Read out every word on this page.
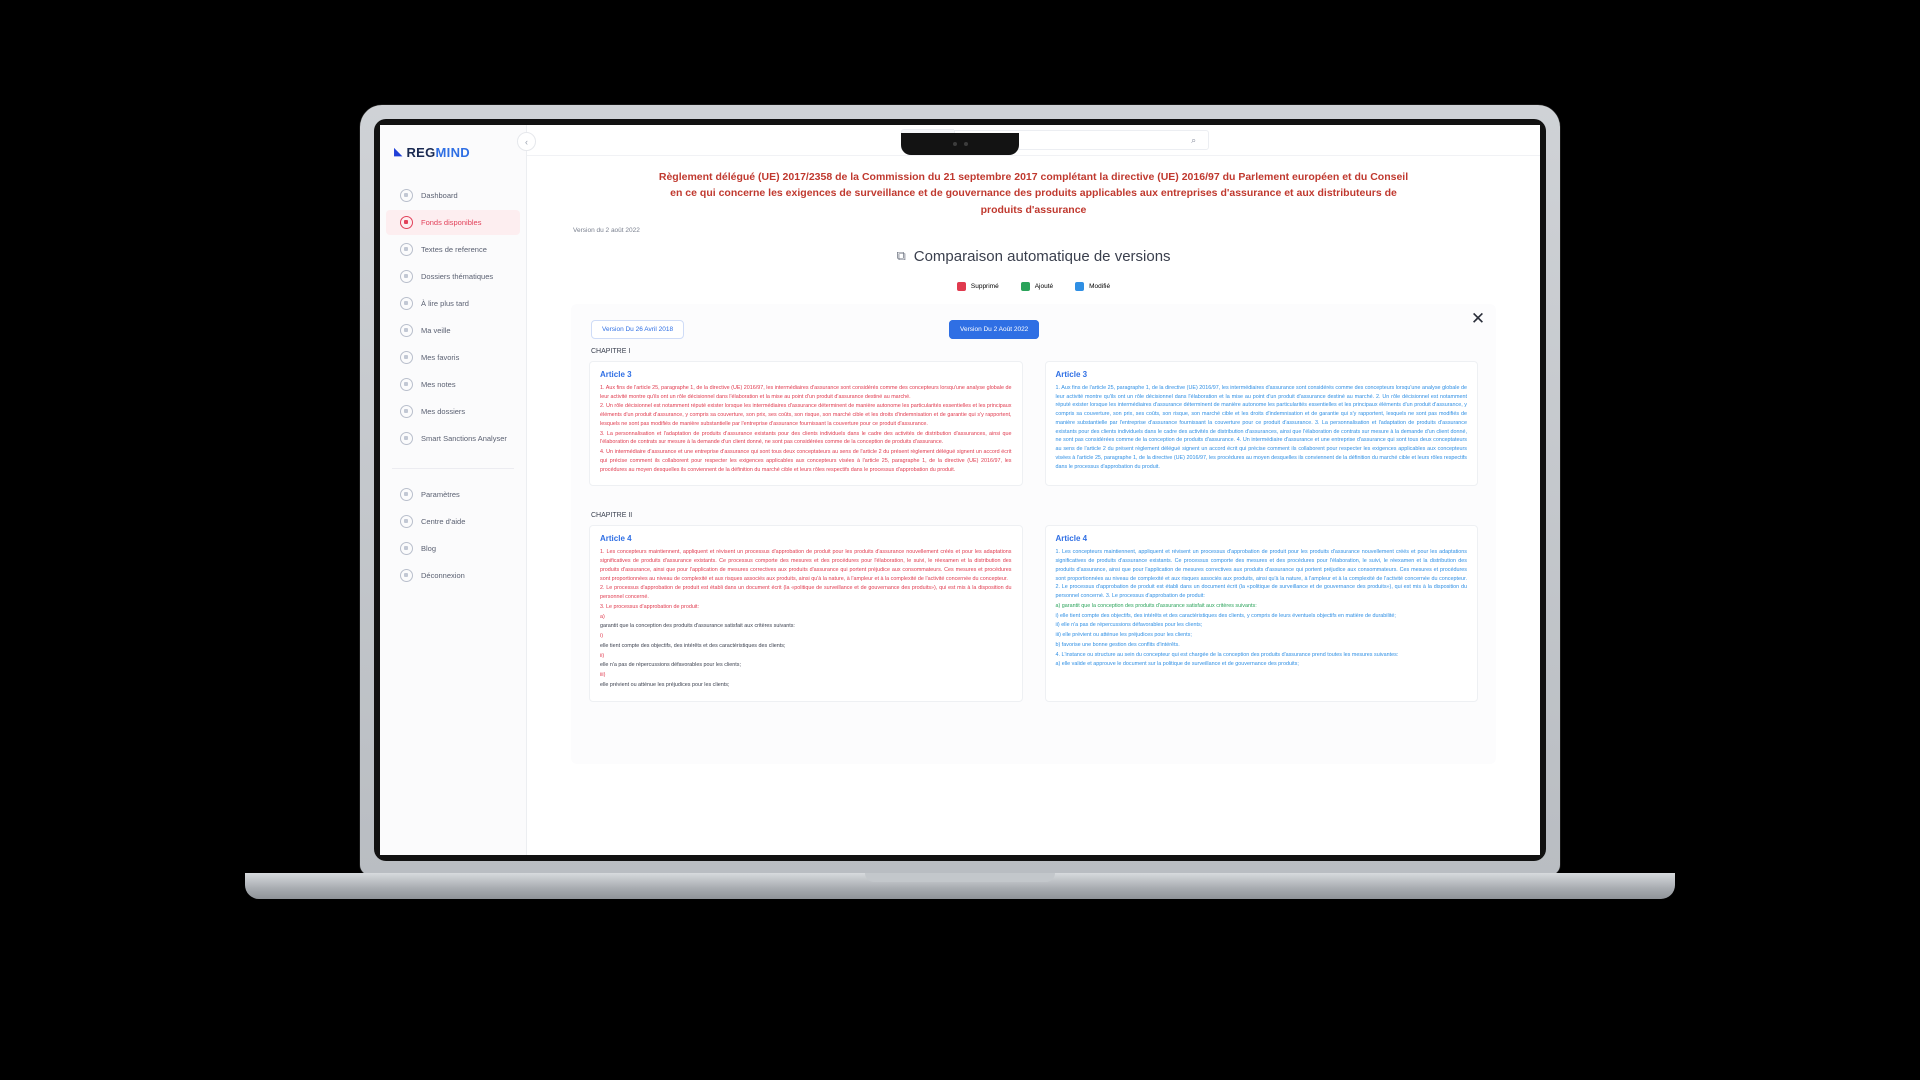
◣ REGMIND
Dashboard
Fonds disponibles
Textes de reference
Dossiers thématiques
À lire plus tard
Ma veille
Mes favoris
Mes notes
Mes dossiers
Smart Sanctions Analyser
Paramètres
Centre d'aide
Blog
Déconnexion
‹	⌕
Règlement délégué (UE) 2017/2358 de la Commission du 21 septembre 2017 complétant la directive (UE) 2016/97 du Parlement européen et du Conseil en ce qui concerne les exigences de surveillance et de gouvernance des produits applicables aux entreprises d'assurance et aux distributeurs de produits d'assurance
Version du 2 août 2022
⧉ Comparaison automatique de versions
Supprimé	Ajouté	Modifié
✕
Version Du 26 Avril 2018	Version Du 2 Août 2022
CHAPITRE I
Article 3

1. Aux fins de l'article 25, paragraphe 1, de la directive (UE) 2016/97, les intermédiaires d'assurance sont considérés comme des concepteurs lorsqu'une analyse globale de leur activité montre qu'ils ont un rôle décisionnel dans l'élaboration et la mise au point d'un produit d'assurance destiné au marché.

2. Un rôle décisionnel est notamment réputé exister lorsque les intermédiaires d'assurance déterminent de manière autonome les particularités essentielles et les principaux éléments d'un produit d'assurance, y compris sa couverture, son prix, ses coûts, son risque, son marché cible et les droits d'indemnisation et de garantie qui s'y rapportent, lesquels ne sont pas modifiés de manière substantielle par l'entreprise d'assurance fournissant la couverture pour ce produit d'assurance.

3. La personnalisation et l'adaptation de produits d'assurance existants pour des clients individuels dans le cadre des activités de distribution d'assurances, ainsi que l'élaboration de contrats sur mesure à la demande d'un client donné, ne sont pas considérées comme de la conception de produits d'assurance.

4. Un intermédiaire d'assurance et une entreprise d'assurance qui sont tous deux conceptateurs au sens de l'article 2 du présent règlement délégué signent un accord écrit qui précise comment ils collaborent pour respecter les exigences applicables aux concepteurs visées à l'article 25, paragraphe 1, de la directive (UE) 2016/97, les procédures au moyen desquelles ils conviennent de la définition du marché cible et leurs rôles respectifs dans le processus d'approbation du produit.

Article 3

1. Aux fins de l'article 25, paragraphe 1, de la directive (UE) 2016/97, les intermédiaires d'assurance sont considérés comme des concepteurs lorsqu'une analyse globale de leur activité montre qu'ils ont un rôle décisionnel dans l'élaboration et la mise au point d'un produit d'assurance destiné au marché. 2. Un rôle décisionnel est notamment réputé exister lorsque les intermédiaires d'assurance déterminent de manière autonome les particularités essentielles et les principaux éléments d'un produit d'assurance, y compris sa couverture, son prix, ses coûts, son risque, son marché cible et les droits d'indemnisation et de garantie qui s'y rapportent, lesquels ne sont pas modifiés de manière substantielle par l'entreprise d'assurance fournissant la couverture pour ce produit d'assurance. 3. La personnalisation et l'adaptation de produits d'assurance existants pour des clients individuels dans le cadre des activités de distribution d'assurances, ainsi que l'élaboration de contrats sur mesure à la demande d'un client donné, ne sont pas considérées comme de la conception de produits d'assurance. 4. Un intermédiaire d'assurance et une entreprise d'assurance qui sont tous deux conceptateurs au sens de l'article 2 du présent règlement délégué signent un accord écrit qui précise comment ils collaborent pour respecter les exigences applicables aux concepteurs visées à l'article 25, paragraphe 1, de la directive (UE) 2016/97, les procédures au moyen desquelles ils conviennent de la définition du marché cible et leurs rôles respectifs dans le processus d'approbation du produit.

CHAPITRE II
Article 4

1. Les concepteurs maintiennent, appliquent et révisent un processus d'approbation de produit pour les produits d'assurance nouvellement créés et pour les adaptations significatives de produits d'assurance existants. Ce processus comporte des mesures et des procédures pour l'élaboration, le suivi, le réexamen et la distribution des produits d'assurance, ainsi que pour l'application de mesures correctives aux produits d'assurance qui portent préjudice aux consommateurs. Ces mesures et procédures sont proportionnées au niveau de complexité et aux risques associés aux produits, ainsi qu'à la nature, à l'ampleur et à la complexité de l'activité concernée du concepteur.

2. Le processus d'approbation de produit est établi dans un document écrit (la «politique de surveillance et de gouvernance des produits»), qui est mis à la disposition du personnel concerné.

3. Le processus d'approbation de produit:

a)

garantit que la conception des produits d'assurance satisfait aux critères suivants:

i)

elle tient compte des objectifs, des intérêts et des caractéristiques des clients;

ii)

elle n'a pas de répercussions défavorables pour les clients;

iii)

elle prévient ou atténue les préjudices pour les clients;

Article 4

1. Les concepteurs maintiennent, appliquent et révisent un processus d'approbation de produit pour les produits d'assurance nouvellement créés et pour les adaptations significatives de produits d'assurance existants. Ce processus comporte des mesures et des procédures pour l'élaboration, le suivi, le réexamen et la distribution des produits d'assurance, ainsi que pour l'application de mesures correctives aux produits d'assurance qui portent préjudice aux consommateurs. Ces mesures et procédures sont proportionnées au niveau de complexité et aux risques associés aux produits, ainsi qu'à la nature, à l'ampleur et à la complexité de l'activité concernée du concepteur. 2. Le processus d'approbation de produit est établi dans un document écrit (la «politique de surveillance et de gouvernance des produits»), qui est mis à la disposition du personnel concerné. 3. Le processus d'approbation de produit:

a) garantit que la conception des produits d'assurance satisfait aux critères suivants:

i) elle tient compte des objectifs, des intérêts et des caractéristiques des clients, y compris de leurs éventuels objectifs en matière de durabilité;

ii) elle n'a pas de répercussions défavorables pour les clients;

iii) elle prévient ou atténue les préjudices pour les clients;

b) favorise une bonne gestion des conflits d'intérêts.

4. L'instance ou structure au sein du concepteur qui est chargée de la conception des produits d'assurance prend toutes les mesures suivantes:

a) elle valide et approuve le document sur la politique de surveillance et de gouvernance des produits;
